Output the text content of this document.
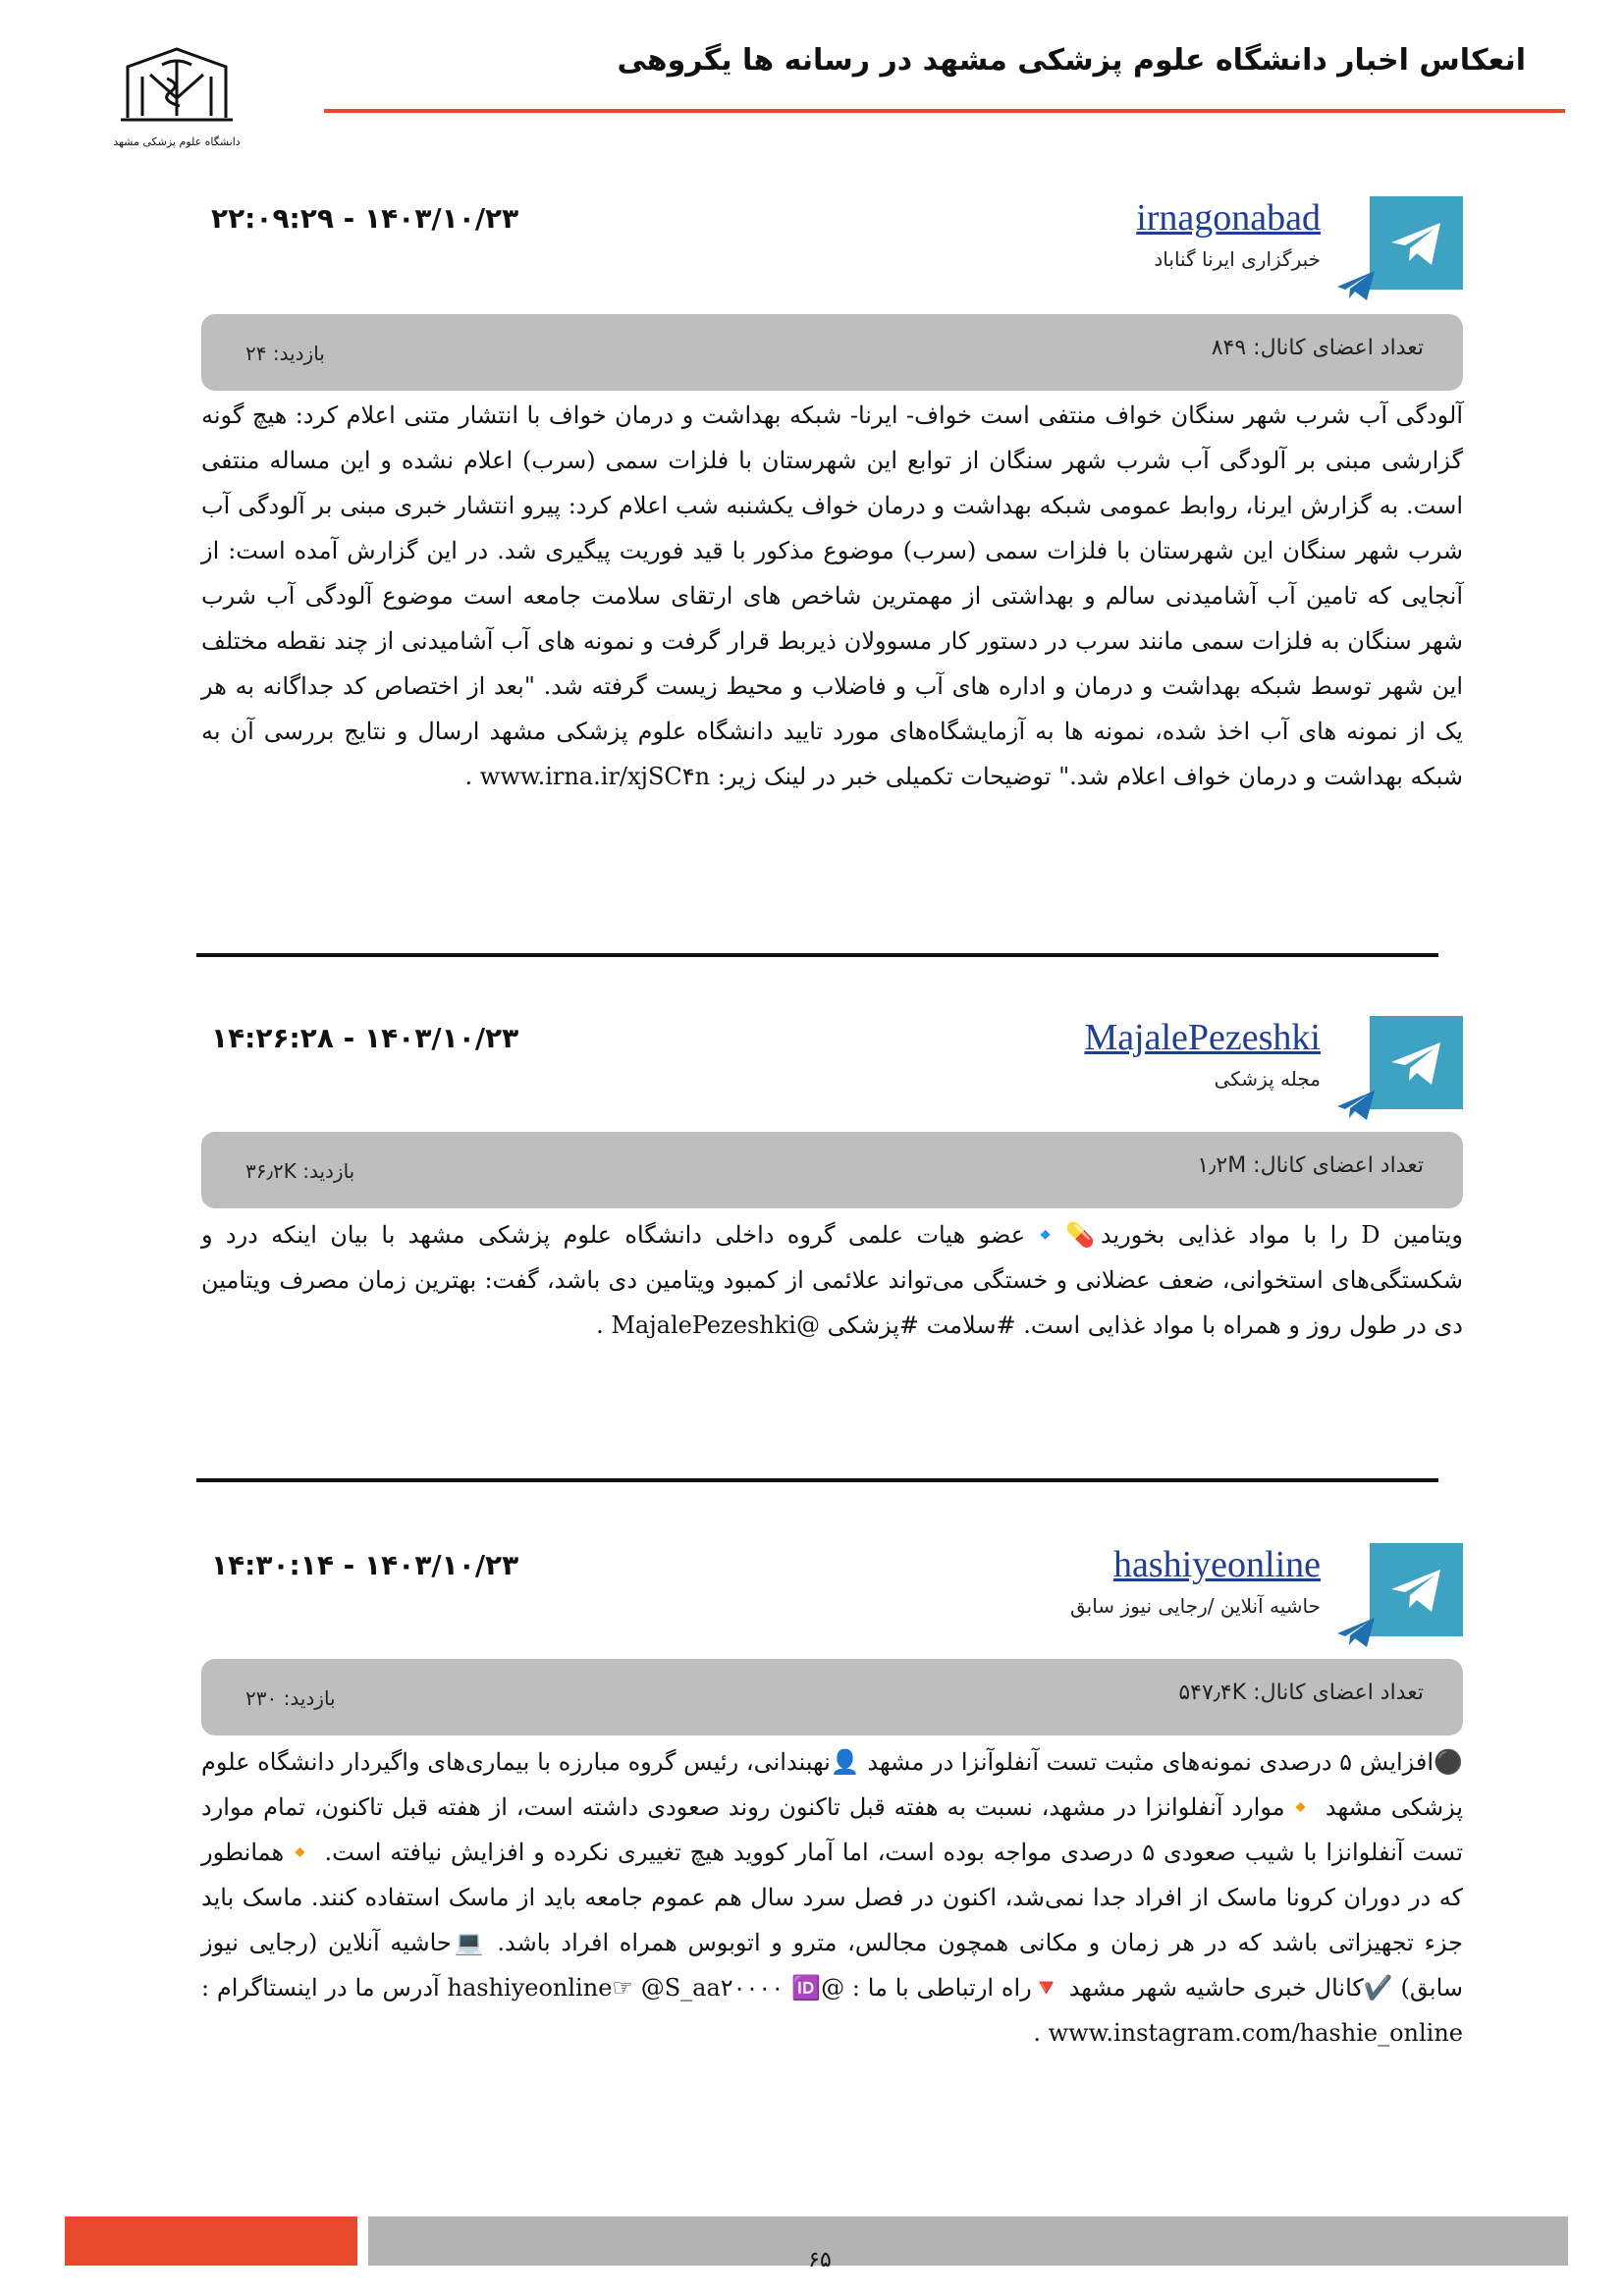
انعکاس اخبار دانشگاه علوم پزشکی مشهد در رسانه ها یگروهی
دانشگاه علوم پزشکی مشهد
irnagonabad
خبرگزاری ایرنا گناباد
۲۲:۰۹:۲۹ - ۱۴۰۳/۱۰/۲۳
تعداد اعضای کانال: ۸۴۹
بازدید: ۲۴
آلودگی آب شرب شهر سنگان خواف منتفی است خواف- ایرنا- شبکه بهداشت و درمان خواف با انتشار متنی اعلام کرد: هیچ گونه گزارشی مبنی بر آلودگی آب شرب شهر سنگان از توابع این شهرستان با فلزات سمی (سرب) اعلام نشده و این مساله منتفی است. به گزارش ایرنا، روابط عمومی شبکه بهداشت و درمان خواف یکشنبه شب اعلام کرد: پیرو انتشار خبری مبنی بر آلودگی آب شرب شهر سنگان این شهرستان با فلزات سمی (سرب) موضوع مذکور با قید فوریت پیگیری شد. در این گزارش آمده است: از آنجایی که تامین آب آشامیدنی سالم و بهداشتی از مهمترین شاخص های ارتقای سلامت جامعه است موضوع آلودگی آب شرب شهر سنگان به فلزات سمی مانند سرب در دستور کار مسوولان ذیربط قرار گرفت و نمونه های آب آشامیدنی از چند نقطه مختلف این شهر توسط شبکه بهداشت و درمان و اداره های آب و فاضلاب و محیط زیست گرفته شد. "بعد از اختصاص کد جداگانه به هر یک از نمونه های آب اخذ شده، نمونه ها به آزمایشگاه‌های مورد تایید دانشگاه علوم پزشکی مشهد ارسال و نتایج بررسی آن به شبکه بهداشت و درمان خواف اعلام شد." توضیحات تکمیلی خبر در لینک زیر: www.irna.ir/xjSC۴n .
MajalePezeshki
مجله پزشکی
۱۴:۲۶:۲۸ - ۱۴۰۳/۱۰/۲۳
تعداد اعضای کانال: ۱٫۲M
بازدید: ۳۶٫۲K
ویتامین D را با مواد غذایی بخورید💊🔹عضو هیات علمی گروه داخلی دانشگاه علوم پزشکی مشهد با بیان اینکه درد و شکستگی‌های استخوانی، ضعف عضلانی و خستگی می‌تواند علائمی از کمبود ویتامین دی باشد، گفت: بهترین زمان مصرف ویتامین دی در طول روز و همراه با مواد غذایی است. #سلامت #پزشکی @MajalePezeshki .
hashiyeonline
حاشیه آنلاین /رجایی نیوز سابق
۱۴:۳۰:۱۴ - ۱۴۰۳/۱۰/۲۳
تعداد اعضای کانال: ۵۴۷٫۴K
بازدید: ۲۳۰
⚫️افزایش ۵ درصدی نمونه‌های مثبت تست آنفلوآنزا در مشهد 👤نهبندانی، رئیس گروه مبارزه با بیماری‌های واگیردار دانشگاه علوم پزشکی مشهد 🔸موارد آنفلوانزا در مشهد، نسبت به هفته قبل تاکنون روند صعودی داشته است، از هفته قبل تاکنون، تمام موارد تست آنفلوانزا با شیب صعودی ۵ درصدی مواجه بوده است، اما آمار کووید هیچ تغییری نکرده و افزایش نیافته است. 🔸همانطور که در دوران کرونا ماسک از افراد جدا نمی‌شد، اکنون در فصل سرد سال هم عموم جامعه باید از ماسک استفاده کنند. ماسک باید جزء تجهیزاتی باشد که در هر زمان و مکانی همچون مجالس، مترو و اتوبوس همراه افراد باشد. 💻حاشیه آنلاین (رجایی نیوز سابق) ✔️کانال خبری حاشیه شهر مشهد 🔻راه ارتباطی با ما : @hashiyeonline☞ @S_aa۲۰۰۰۰ 🆔 آدرس ما در اینستاگرام : www.instagram.com/hashie_online .
۶۵
